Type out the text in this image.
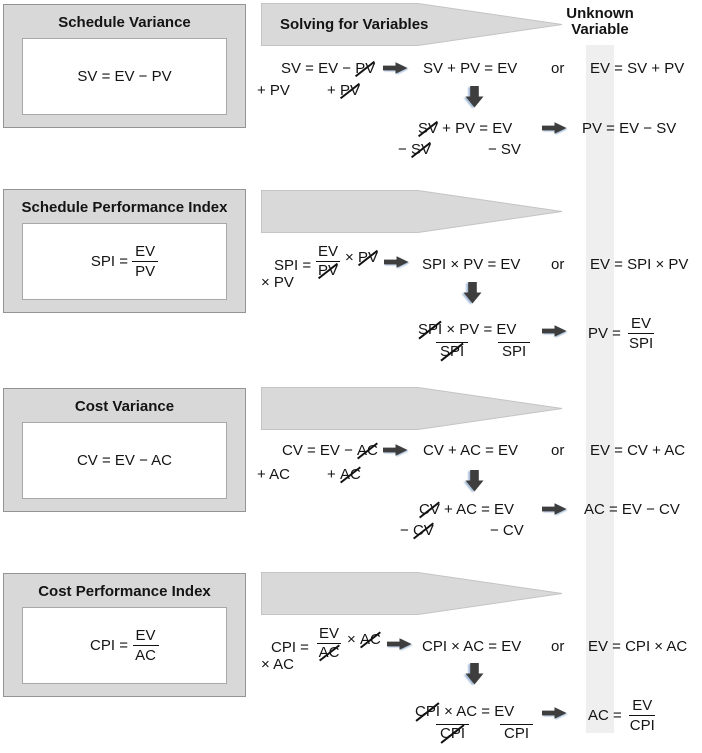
Unknown
Variable
Schedule Variance
SV = EV − PV
Solving for Variables
SV = EV − PV	SV + PV = EV or EV = SV + PV
+ PV + PV
SV + PV = EV	PV = EV − SV
− SV	− SV
Schedule Performance Index
SPI =
$\frac{EV}{PV}$	SPI = $\frac{EV}{PV}$ × PV
× PV
SPI × PV = EV or EV = SPI × PV
SPI × PV = EV
SPI	SPI
PV =
EV
SPI
Cost Variance
CV = EV − AC
CV = EV − AC	CV + AC = EV or EV = CV + AC
+ AC + AC
CV + AC = EV	AC = EV − CV
− CV	− CV
Cost Performance Index
CPI =
$\frac{EV}{AC}$	CPI = $\frac{EV}{AC}$ × AC
× AC
CPI × AC = EV or EV = CPI × AC
CPI × AC = EV
CPI	CPI
AC =
EV
CPI
